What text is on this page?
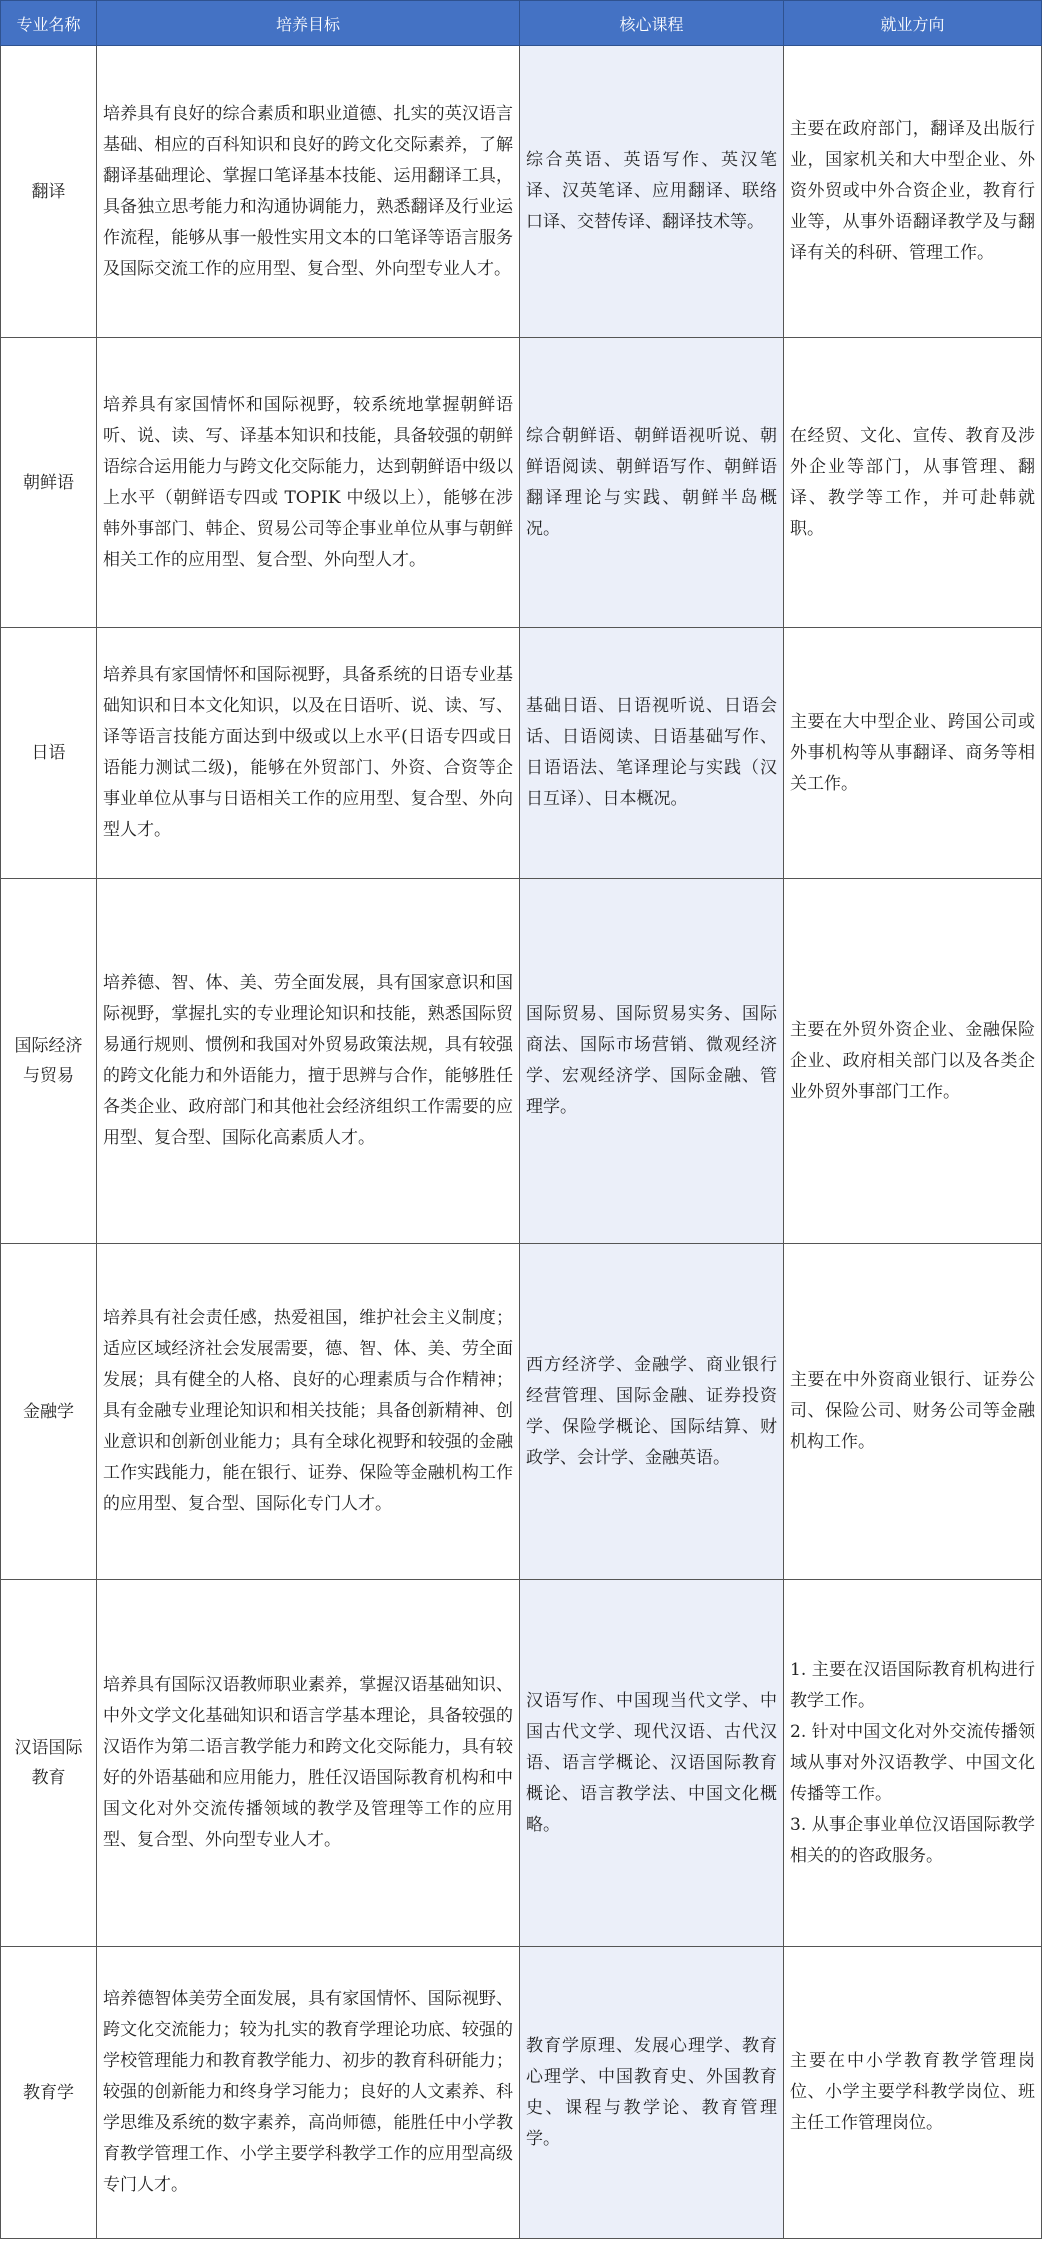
专业名称	培养目标	核心课程	就业方向
翻译	培养具有良好的综合素质和职业道德、扎实的英汉语言基础、相应的百科知识和良好的跨文化交际素养，了解翻译基础理论、掌握口笔译基本技能、运用翻译工具，具备独立思考能力和沟通协调能力，熟悉翻译及行业运作流程，能够从事一般性实用文本的口笔译等语言服务及国际交流工作的应用型、复合型、外向型专业人才。	综合英语、英语写作、英汉笔译、汉英笔译、应用翻译、联络口译、交替传译、翻译技术等。	主要在政府部门，翻译及出版行业，国家机关和大中型企业、外资外贸或中外合资企业，教育行业等，从事外语翻译教学及与翻译有关的科研、管理工作。

朝鲜语	培养具有家国情怀和国际视野，较系统地掌握朝鲜语听、说、读、写、译基本知识和技能，具备较强的朝鲜语综合运用能力与跨文化交际能力，达到朝鲜语中级以上水平（朝鲜语专四或 TOPIK 中级以上），能够在涉韩外事部门、韩企、贸易公司等企事业单位从事与朝鲜相关工作的应用型、复合型、外向型人才。	综合朝鲜语、朝鲜语视听说、朝鲜语阅读、朝鲜语写作、朝鲜语翻译理论与实践、朝鲜半岛概况。	在经贸、文化、宣传、教育及涉外企业等部门，从事管理、翻译、教学等工作，并可赴韩就职。

日语	培养具有家国情怀和国际视野，具备系统的日语专业基础知识和日本文化知识，以及在日语听、说、读、写、译等语言技能方面达到中级或以上水平(日语专四或日语能力测试二级)，能够在外贸部门、外资、合资等企事业单位从事与日语相关工作的应用型、复合型、外向型人才。	基础日语、日语视听说、日语会话、日语阅读、日语基础写作、日语语法、笔译理论与实践（汉日互译）、日本概况。	主要在大中型企业、跨国公司或外事机构等从事翻译、商务等相关工作。

国际经济与贸易	培养德、智、体、美、劳全面发展，具有国家意识和国际视野，掌握扎实的专业理论知识和技能，熟悉国际贸易通行规则、惯例和我国对外贸易政策法规，具有较强的跨文化能力和外语能力，擅于思辨与合作，能够胜任各类企业、政府部门和其他社会经济组织工作需要的应用型、复合型、国际化高素质人才。	国际贸易、国际贸易实务、国际商法、国际市场营销、微观经济学、宏观经济学、国际金融、管理学。	主要在外贸外资企业、金融保险企业、政府相关部门以及各类企业外贸外事部门工作。

金融学	培养具有社会责任感，热爱祖国，维护社会主义制度；适应区域经济社会发展需要，德、智、体、美、劳全面发展；具有健全的人格、良好的心理素质与合作精神；具有金融专业理论知识和相关技能；具备创新精神、创业意识和创新创业能力；具有全球化视野和较强的金融工作实践能力，能在银行、证券、保险等金融机构工作的应用型、复合型、国际化专门人才。	西方经济学、金融学、商业银行经营管理、国际金融、证券投资学、保险学概论、国际结算、财政学、会计学、金融英语。	主要在中外资商业银行、证券公司、保险公司、财务公司等金融机构工作。

汉语国际教育	培养具有国际汉语教师职业素养，掌握汉语基础知识、中外文学文化基础知识和语言学基本理论，具备较强的汉语作为第二语言教学能力和跨文化交际能力，具有较好的外语基础和应用能力，胜任汉语国际教育机构和中国文化对外交流传播领域的教学及管理等工作的应用型、复合型、外向型专业人才。	汉语写作、中国现当代文学、中国古代文学、现代汉语、古代汉语、语言学概论、汉语国际教育概论、语言教学法、中国文化概略。	1. 主要在汉语国际教育机构进行教学工作。
2. 针对中国文化对外交流传播领域从事对外汉语教学、中国文化传播等工作。
3. 从事企事业单位汉语国际教学相关的的咨政服务。

教育学	培养德智体美劳全面发展，具有家国情怀、国际视野、跨文化交流能力；较为扎实的教育学理论功底、较强的学校管理能力和教育教学能力、初步的教育科研能力；较强的创新能力和终身学习能力；良好的人文素养、科学思维及系统的数字素养，高尚师德，能胜任中小学教育教学管理工作、小学主要学科教学工作的应用型高级专门人才。	教育学原理、发展心理学、教育心理学、中国教育史、外国教育史、课程与教学论、教育管理学。	主要在中小学教育教学管理岗位、小学主要学科教学岗位、班主任工作管理岗位。
